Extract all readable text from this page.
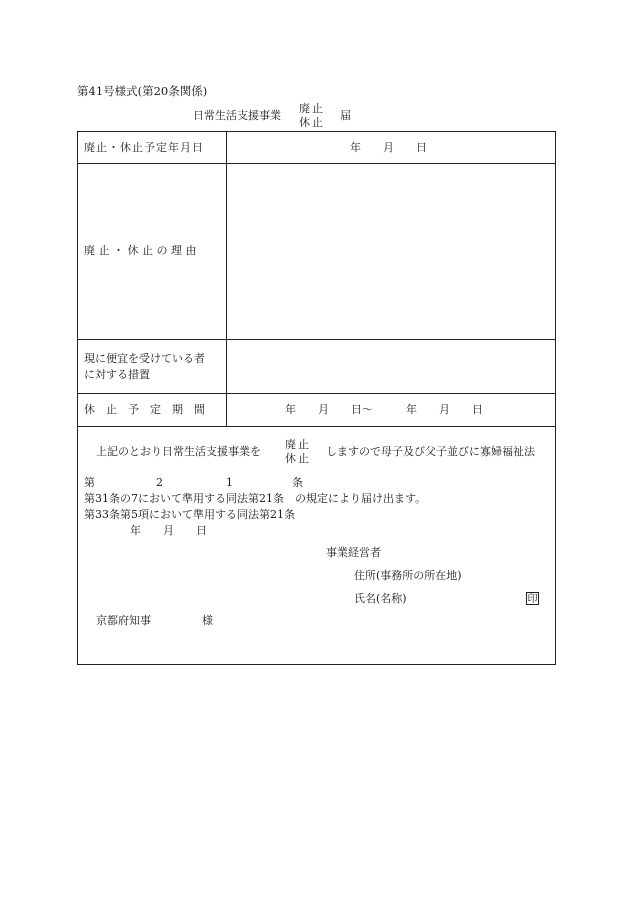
第41号様式(第20条関係)
日常生活支援事業
廃止
休止
届
廃止・休止予定年月日	年　　月　　日
廃 止 ・ 休 止 の 理 由
現に便宜を受けている者
に対する措置
休　止　予　定　期　間	年　　月　　日～　　　年　　月　　日
上記のとおり日常生活支援事業を
廃止
休止
しますので母子及び父子並びに寡婦福祉法
第	2	1	条
第31条の7において準用する同法第21条　の規定により届け出ます。
第33条第5項において準用する同法第21条
年　　月　　日
事業経営者
住所(事務所の所在地)
氏名(名称)	印
京都府知事	様
